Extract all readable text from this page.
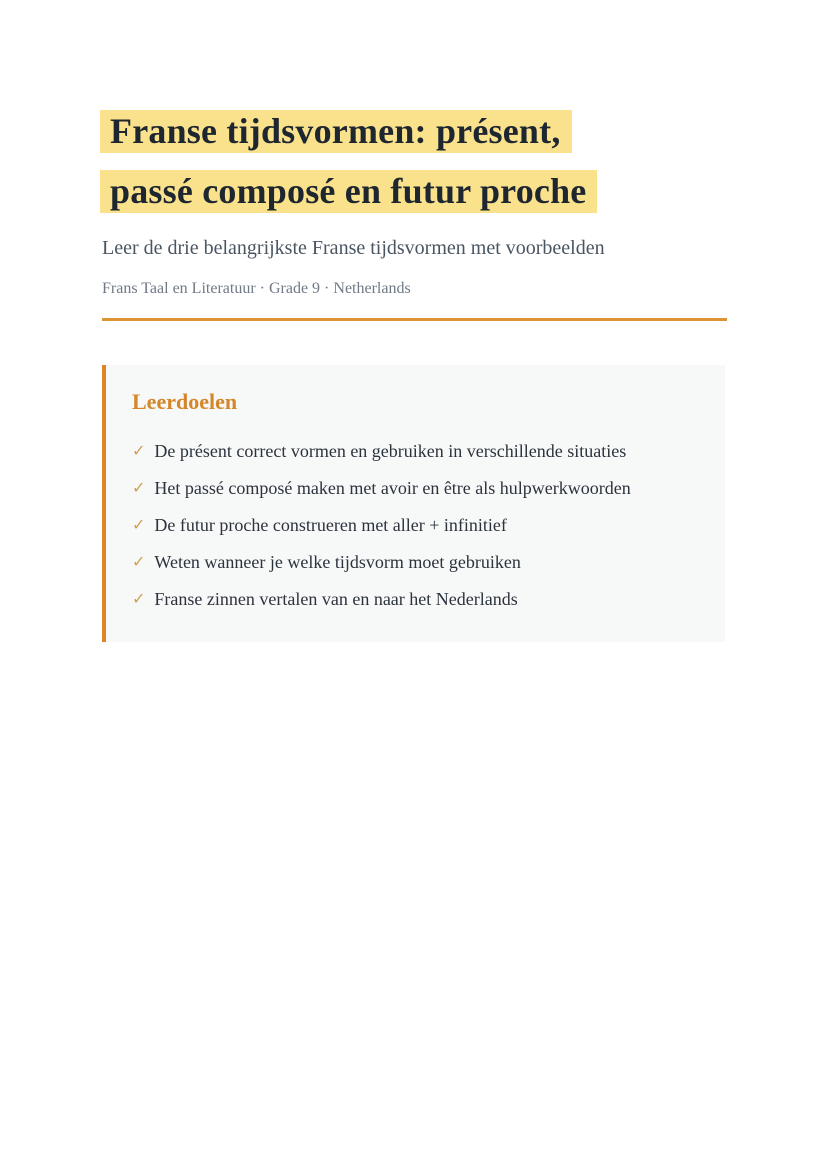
Franse tijdsvormen: présent,
passé composé en futur proche

Leer de drie belangrijkste Franse tijdsvormen met voorbeelden

Frans Taal en Literatuur · Grade 9 · Netherlands

Leerdoelen
✓ De présent correct vormen en gebruiken in verschillende situaties
✓ Het passé composé maken met avoir en être als hulpwerkwoorden
✓ De futur proche construeren met aller + infinitief
✓ Weten wanneer je welke tijdsvorm moet gebruiken
✓ Franse zinnen vertalen van en naar het Nederlands
